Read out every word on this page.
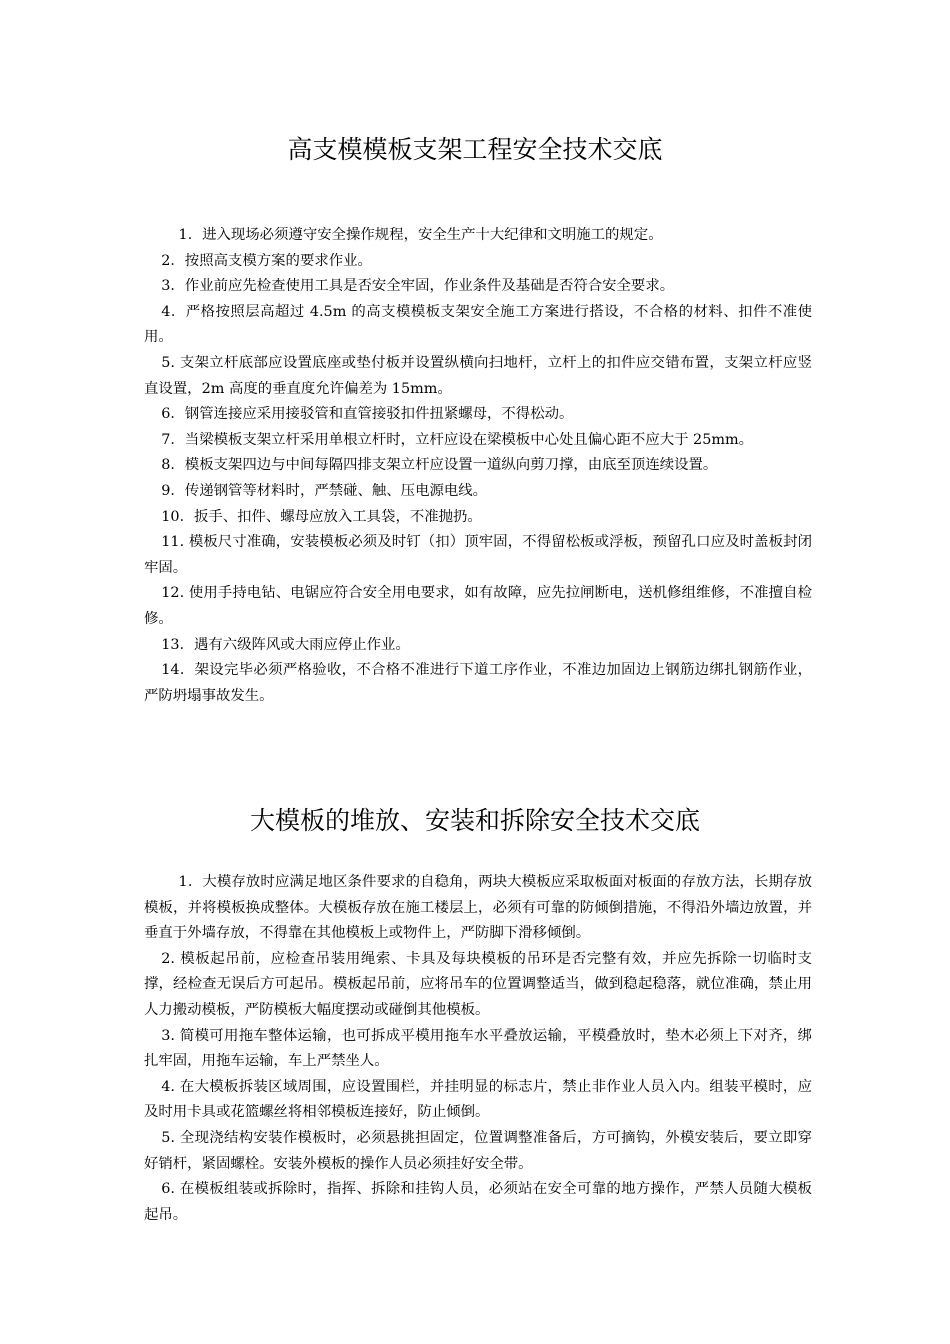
高支模模板支架工程安全技术交底

1．进入现场必须遵守安全操作规程，安全生产十大纪律和文明施工的规定。

2．按照高支模方案的要求作业。

3．作业前应先检查使用工具是否安全牢固，作业条件及基础是否符合安全要求。

4．严格按照层高超过 4.5m 的高支模模板支架安全施工方案进行搭设，不合格的材料、扣件不准使用。

5. 支架立杆底部应设置底座或垫付板并设置纵横向扫地杆，立杆上的扣件应交错布置，支架立杆应竖直设置，2m 高度的垂直度允许偏差为 15mm。

6．钢管连接应采用接驳管和直管接驳扣件扭紧螺母，不得松动。

7．当梁模板支架立杆采用单根立杆时，立杆应设在梁模板中心处且偏心距不应大于 25mm。

8．模板支架四边与中间每隔四排支架立杆应设置一道纵向剪刀撑，由底至顶连续设置。

9．传递钢管等材料时，严禁碰、触、压电源电线。

10．扳手、扣件、螺母应放入工具袋，不准抛扔。

11. 模板尺寸准确，安装模板必须及时钉（扣）顶牢固，不得留松板或浮板，预留孔口应及时盖板封闭牢固。

12. 使用手持电钻、电锯应符合安全用电要求，如有故障，应先拉闸断电，送机修组维修，不准擅自检修。

13．遇有六级阵风或大雨应停止作业。

14．架设完毕必须严格验收，不合格不准进行下道工序作业，不准边加固边上钢筋边绑扎钢筋作业，严防坍塌事故发生。

大模板的堆放、安装和拆除安全技术交底

1．大模存放时应满足地区条件要求的自稳角，两块大模板应采取板面对板面的存放方法，长期存放模板，并将模板换成整体。大模板存放在施工楼层上，必须有可靠的防倾倒措施，不得沿外墙边放置，并垂直于外墙存放，不得靠在其他模板上或物件上，严防脚下滑移倾倒。

2. 模板起吊前，应检查吊装用绳索、卡具及每块模板的吊环是否完整有效，并应先拆除一切临时支撑，经检查无误后方可起吊。模板起吊前，应将吊车的位置调整适当，做到稳起稳落，就位准确，禁止用人力搬动模板，严防模板大幅度摆动或碰倒其他模板。

3. 简模可用拖车整体运输，也可拆成平模用拖车水平叠放运输，平模叠放时，垫木必须上下对齐，绑扎牢固，用拖车运输，车上严禁坐人。

4. 在大模板拆装区域周围，应设置围栏，并挂明显的标志片，禁止非作业人员入内。组装平模时，应及时用卡具或花篮螺丝将相邻模板连接好，防止倾倒。

5. 全现浇结构安装作模板时，必须悬挑担固定，位置调整准备后，方可摘钩，外模安装后，要立即穿好销杆，紧固螺栓。安装外模板的操作人员必须挂好安全带。

6. 在模板组装或拆除时，指挥、拆除和挂钩人员，必须站在安全可靠的地方操作，严禁人员随大模板起吊。
